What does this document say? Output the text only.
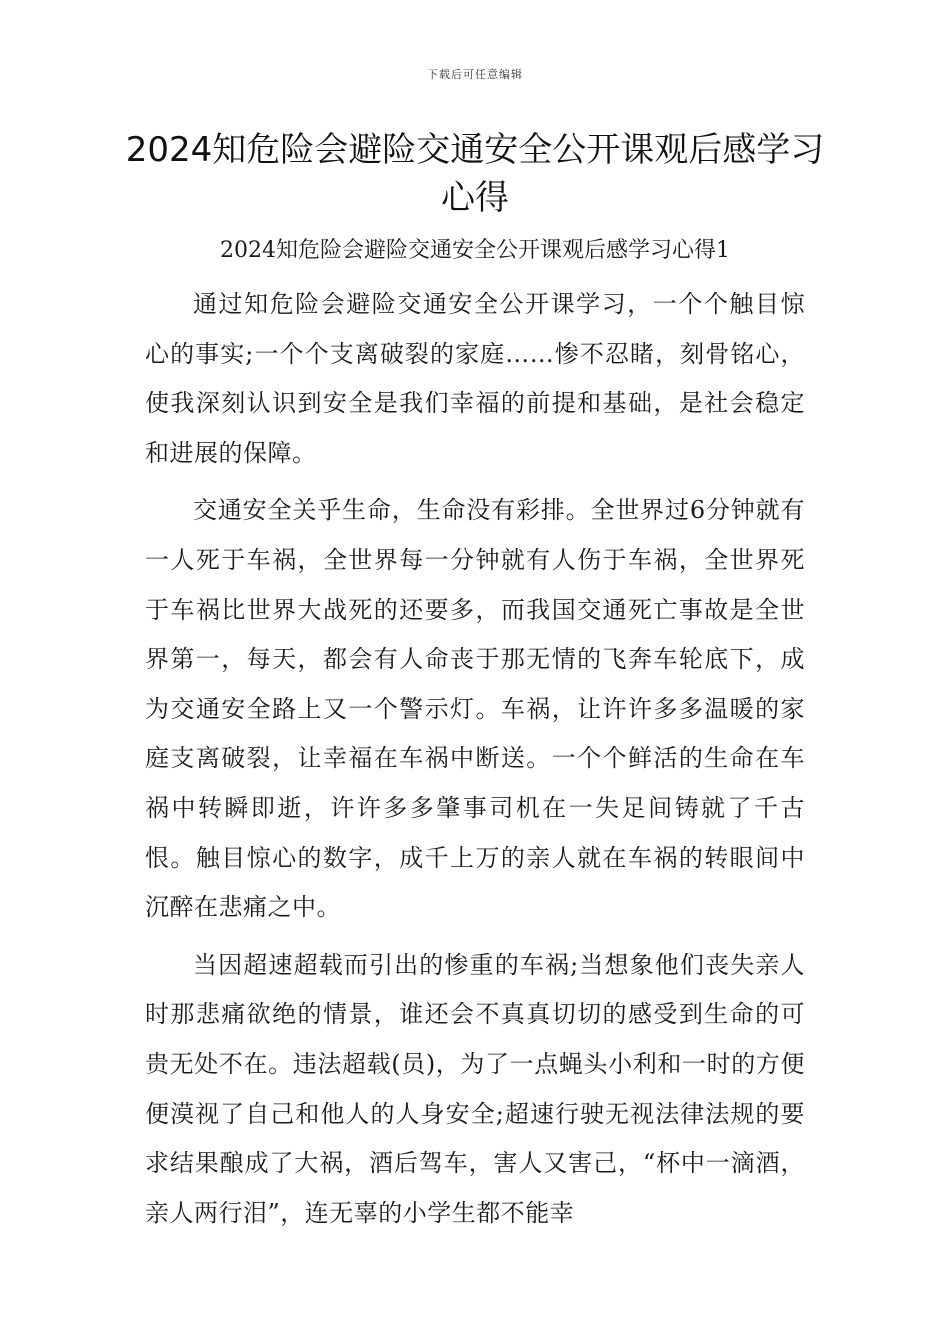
下载后可任意编辑
2024知危险会避险交通安全公开课观后感学习心得

2024知危险会避险交通安全公开课观后感学习心得1

通过知危险会避险交通安全公开课学习，一个个触目惊心的事实;一个个支离破裂的家庭……惨不忍睹，刻骨铭心，使我深刻认识到安全是我们幸福的前提和基础，是社会稳定和进展的保障。

交通安全关乎生命，生命没有彩排。全世界过6分钟就有一人死于车祸，全世界每一分钟就有人伤于车祸，全世界死于车祸比世界大战死的还要多，而我国交通死亡事故是全世界第一，每天，都会有人命丧于那无情的飞奔车轮底下，成为交通安全路上又一个警示灯。车祸，让许许多多温暖的家庭支离破裂，让幸福在车祸中断送。一个个鲜活的生命在车祸中转瞬即逝，许许多多肇事司机在一失足间铸就了千古恨。触目惊心的数字，成千上万的亲人就在车祸的转眼间中沉醉在悲痛之中。

当因超速超载而引出的惨重的车祸;当想象他们丧失亲人时那悲痛欲绝的情景，谁还会不真真切切的感受到生命的可贵无处不在。违法超载(员)，为了一点蝇头小利和一时的方便便漠视了自己和他人的人身安全;超速行驶无视法律法规的要求结果酿成了大祸，酒后驾车，害人又害己，“杯中一滴酒，亲人两行泪”，连无辜的小学生都不能幸
